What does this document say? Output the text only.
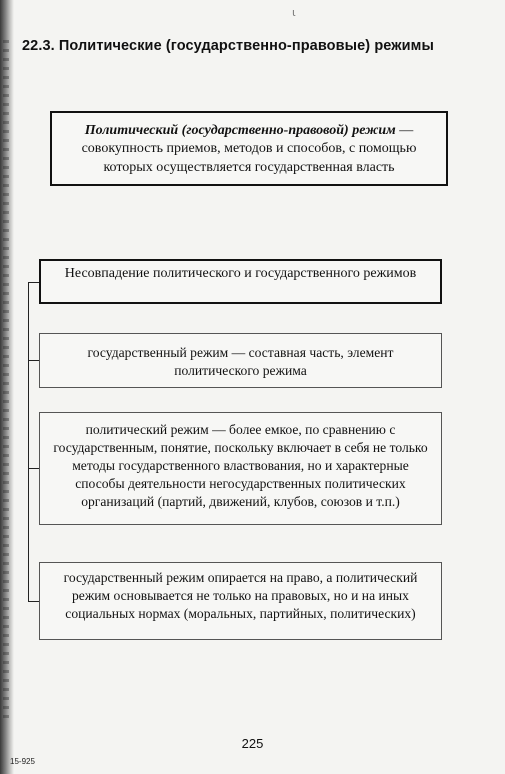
ι
22.3. Политические (государственно-правовые) режимы
Политический (государственно-правовой) режим —
совокупность приемов, методов и способов, с помощью
которых осуществляется государственная власть
Несовпадение политического и государственного режимов
государственный режим — составная часть, элемент политического режима
политический режим — более емкое, по сравнению с государственным, понятие, поскольку включает в себя не только методы государственного властвования, но и характерные способы деятельности негосударственных политических организаций (партий, движений, клубов, союзов и т.п.)
государственный режим опирается на право, а политический режим основывается не только на правовых, но и на иных социальных нормах (моральных, партийных, политических)
225
15-925
